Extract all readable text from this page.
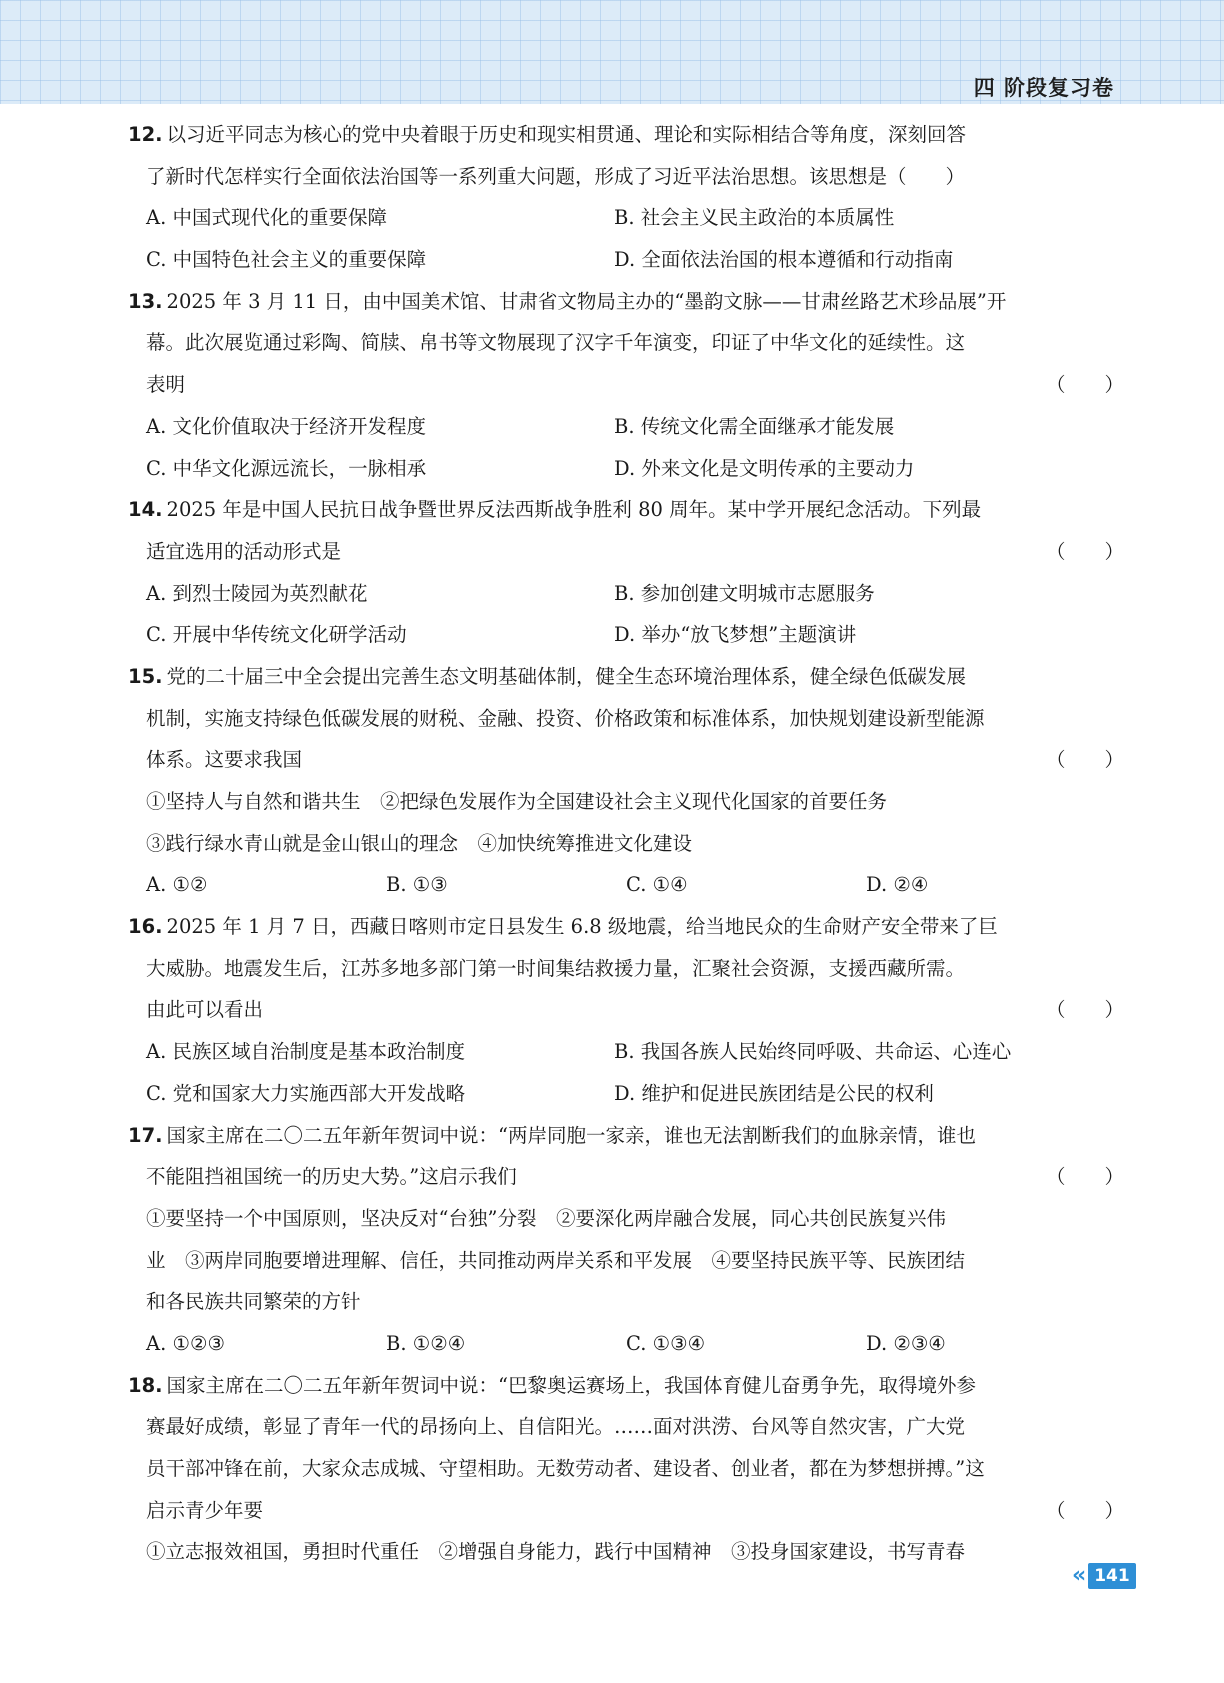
四 阶段复习卷
12. 以习近平同志为核心的党中央着眼于历史和现实相贯通、理论和实际相结合等角度，深刻回答
了新时代怎样实行全面依法治国等一系列重大问题，形成了习近平法治思想。该思想是（　　）
A. 中国式现代化的重要保障	B. 社会主义民主政治的本质属性
C. 中国特色社会主义的重要保障	D. 全面依法治国的根本遵循和行动指南
13. 2025 年 3 月 11 日，由中国美术馆、甘肃省文物局主办的“墨韵文脉——甘肃丝路艺术珍品展”开
幕。此次展览通过彩陶、简牍、帛书等文物展现了汉字千年演变，印证了中华文化的延续性。这
表明	（　　）
A. 文化价值取决于经济开发程度	B. 传统文化需全面继承才能发展
C. 中华文化源远流长，一脉相承	D. 外来文化是文明传承的主要动力
14. 2025 年是中国人民抗日战争暨世界反法西斯战争胜利 80 周年。某中学开展纪念活动。下列最
适宜选用的活动形式是	（　　）
A. 到烈士陵园为英烈献花	B. 参加创建文明城市志愿服务
C. 开展中华传统文化研学活动	D. 举办“放飞梦想”主题演讲
15. 党的二十届三中全会提出完善生态文明基础体制，健全生态环境治理体系，健全绿色低碳发展
机制，实施支持绿色低碳发展的财税、金融、投资、价格政策和标准体系，加快规划建设新型能源
体系。这要求我国	（　　）
①坚持人与自然和谐共生　②把绿色发展作为全国建设社会主义现代化国家的首要任务
③践行绿水青山就是金山银山的理念　④加快统筹推进文化建设
A. ①②	B. ①③	C. ①④	D. ②④
16. 2025 年 1 月 7 日，西藏日喀则市定日县发生 6.8 级地震，给当地民众的生命财产安全带来了巨
大威胁。地震发生后，江苏多地多部门第一时间集结救援力量，汇聚社会资源，支援西藏所需。
由此可以看出	（　　）
A. 民族区域自治制度是基本政治制度	B. 我国各族人民始终同呼吸、共命运、心连心
C. 党和国家大力实施西部大开发战略	D. 维护和促进民族团结是公民的权利
17. 国家主席在二〇二五年新年贺词中说：“两岸同胞一家亲，谁也无法割断我们的血脉亲情，谁也
不能阻挡祖国统一的历史大势。”这启示我们	（　　）
①要坚持一个中国原则，坚决反对“台独”分裂　②要深化两岸融合发展，同心共创民族复兴伟
业　③两岸同胞要增进理解、信任，共同推动两岸关系和平发展　④要坚持民族平等、民族团结
和各民族共同繁荣的方针
A. ①②③	B. ①②④	C. ①③④	D. ②③④
18. 国家主席在二〇二五年新年贺词中说：“巴黎奥运赛场上，我国体育健儿奋勇争先，取得境外参
赛最好成绩，彰显了青年一代的昂扬向上、自信阳光。……面对洪涝、台风等自然灾害，广大党
员干部冲锋在前，大家众志成城、守望相助。无数劳动者、建设者、创业者，都在为梦想拼搏。”这
启示青少年要	（　　）
①立志报效祖国，勇担时代重任　②增强自身能力，践行中国精神　③投身国家建设，书写青春
« 141
